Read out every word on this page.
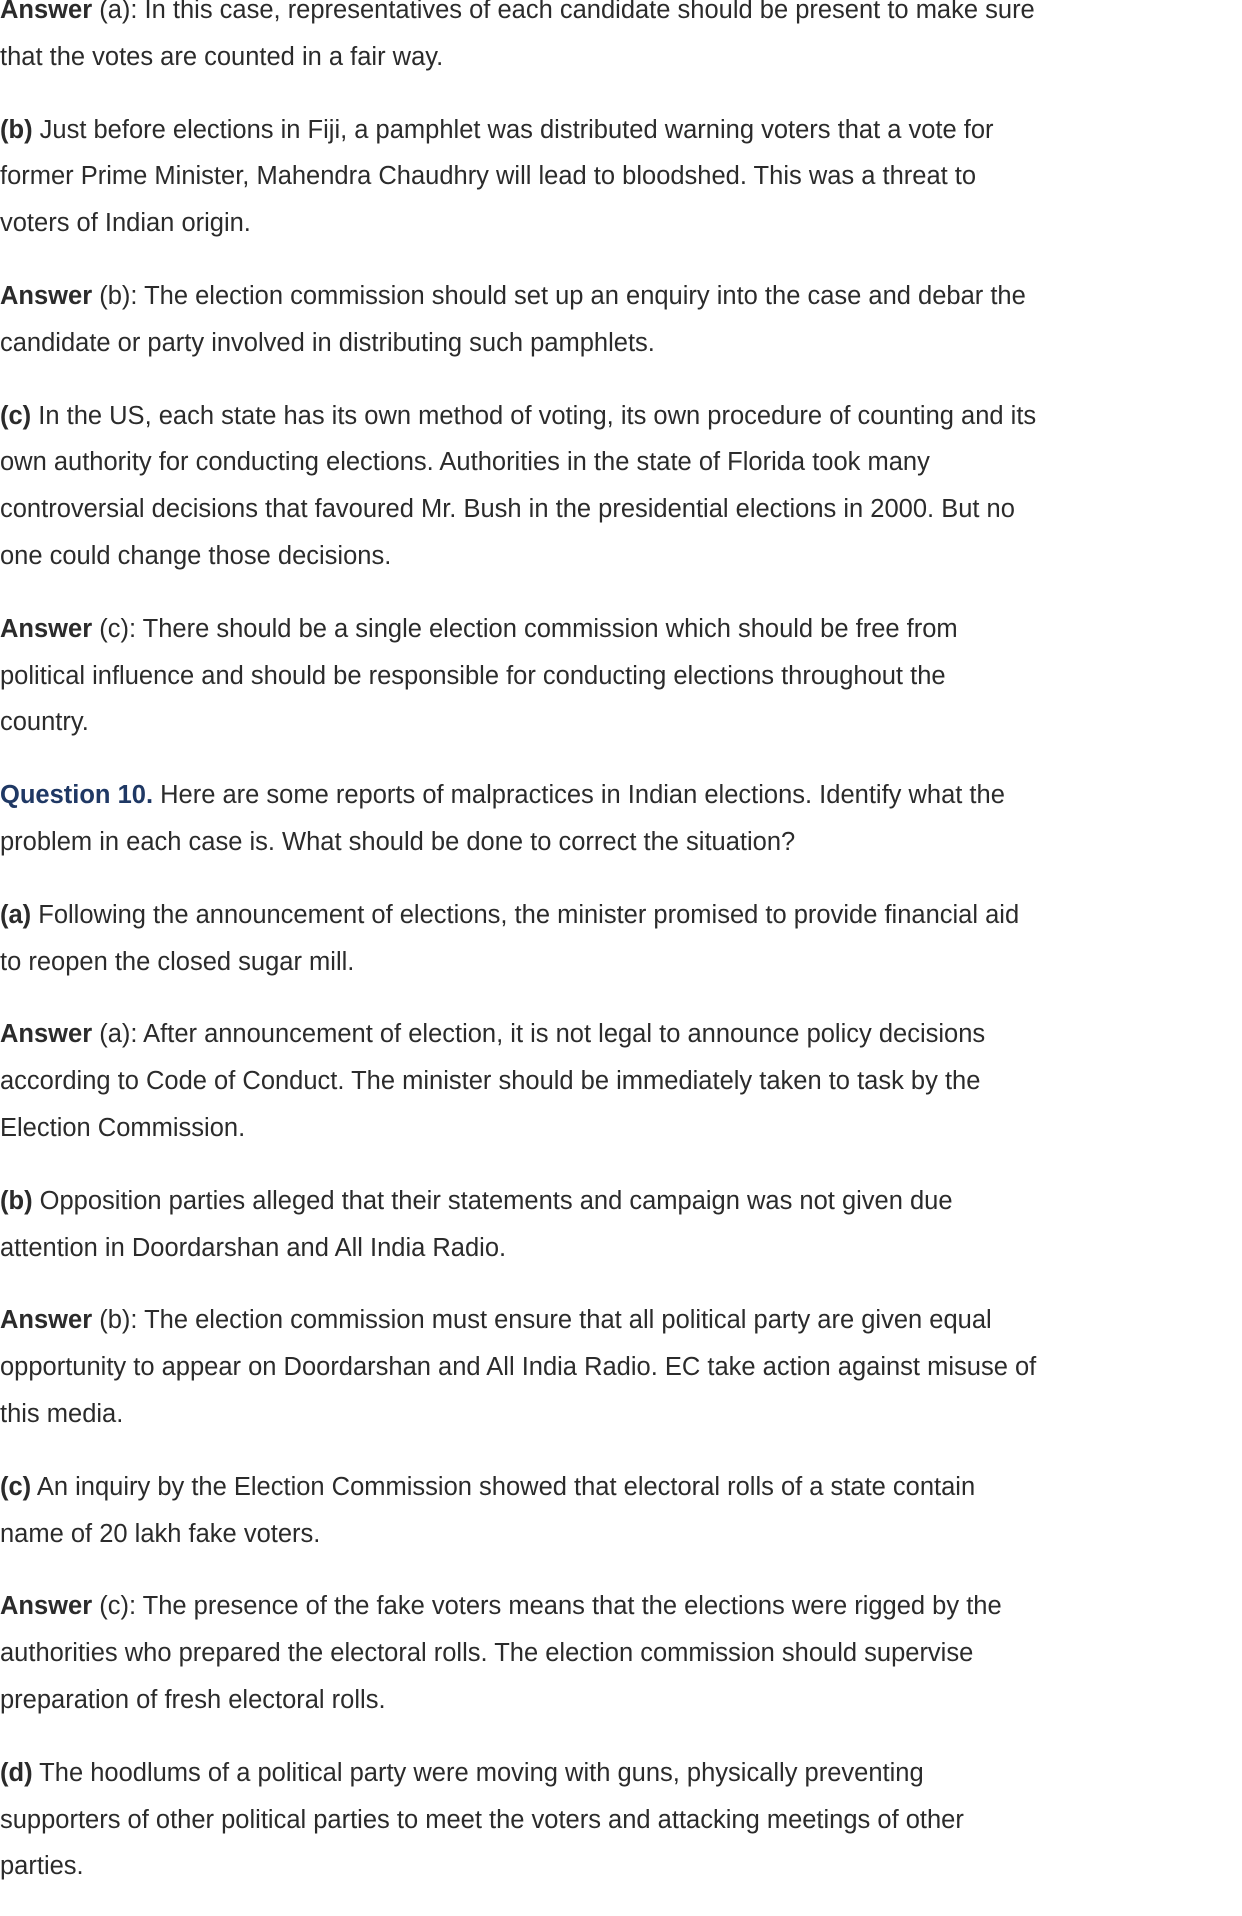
Answer (a): In this case, representatives of each candidate should be present to make sure
that the votes are counted in a fair way.

(b) Just before elections in Fiji, a pamphlet was distributed warning voters that a vote for
former Prime Minister, Mahendra Chaudhry will lead to bloodshed. This was a threat to
voters of Indian origin.

Answer (b): The election commission should set up an enquiry into the case and debar the
candidate or party involved in distributing such pamphlets.

(c) In the US, each state has its own method of voting, its own procedure of counting and its
own authority for conducting elections. Authorities in the state of Florida took many
controversial decisions that favoured Mr. Bush in the presidential elections in 2000. But no
one could change those decisions.

Answer (c): There should be a single election commission which should be free from
political influence and should be responsible for conducting elections throughout the
country.

Question 10. Here are some reports of malpractices in Indian elections. Identify what the
problem in each case is. What should be done to correct the situation?

(a) Following the announcement of elections, the minister promised to provide financial aid
to reopen the closed sugar mill.

Answer (a): After announcement of election, it is not legal to announce policy decisions
according to Code of Conduct. The minister should be immediately taken to task by the
Election Commission.

(b) Opposition parties alleged that their statements and campaign was not given due
attention in Doordarshan and All India Radio.

Answer (b): The election commission must ensure that all political party are given equal
opportunity to appear on Doordarshan and All India Radio. EC take action against misuse of
this media.

(c) An inquiry by the Election Commission showed that electoral rolls of a state contain
name of 20 lakh fake voters.

Answer (c): The presence of the fake voters means that the elections were rigged by the
authorities who prepared the electoral rolls. The election commission should supervise
preparation of fresh electoral rolls.

(d) The hoodlums of a political party were moving with guns, physically preventing
supporters of other political parties to meet the voters and attacking meetings of other
parties.
